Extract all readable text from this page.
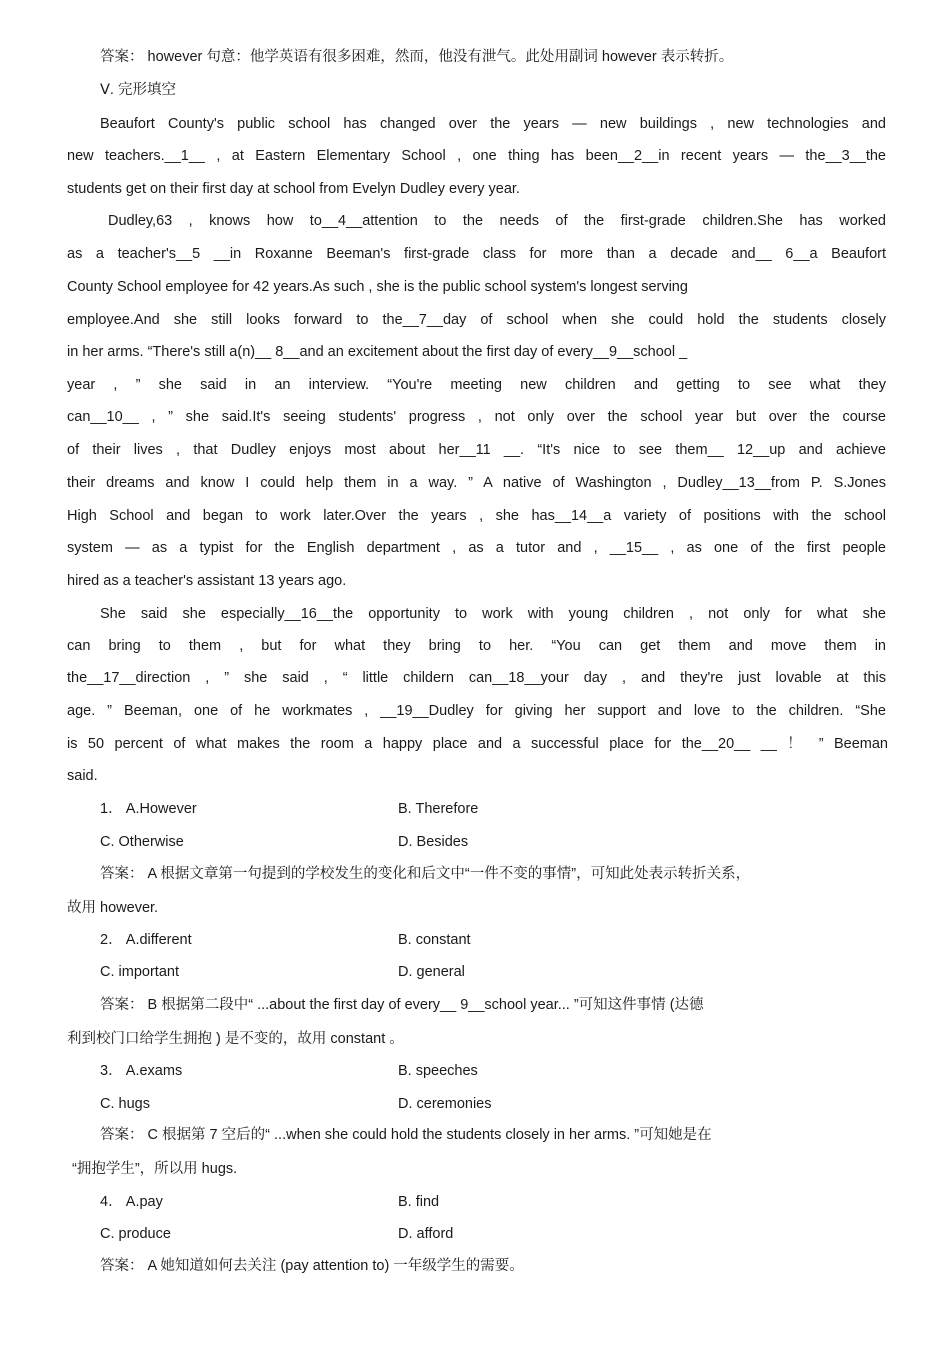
答案： however 句意：他学英语有很多困难，然而，他没有泄气。此处用副词 however 表示转折。
Ⅴ. 完形填空
Beaufort County's public school has changed over the years — new buildings , new technologies and
new teachers.__1__ , at Eastern Elementary School , one thing has been__2__in recent years — the__3__the
students get on their first day at school from Evelyn Dudley every year.
Dudley,63 , knows how to__4__attention to the needs of the first-grade children.She has worked
as a teacher's__5 __in Roxanne Beeman's first-grade class for more than a decade and__ 6__a Beaufort
County School employee for 42 years.As such , she is the public school system's longest serving
employee.And she still looks forward to the__7__day of school when she could hold the students closely
in her arms. “There's still a(n)__ 8__and an excitement about the first day of every__9__school _
year , ” she said in an interview. “You're meeting new children and getting to see what they
can__10__ , ” she said.It's seeing students' progress , not only over the school year but over the course
of their lives , that Dudley enjoys most about her__11 __. “It's nice to see them__ 12__up and achieve
their dreams and know I could help them in a way. ” A native of Washington , Dudley__13__from P. S.Jones
High School and began to work later.Over the years , she has__14__a variety of positions with the school
system — as a typist for the English department , as a tutor and , __15__ , as one of the first people
hired as a teacher's assistant 13 years ago.
She said she especially__16__the opportunity to work with young children , not only for what she
can bring to them , but for what they bring to her. “You can get them and move them in
the__17__direction , ” she said , “ little childern can__18__your day , and they're just lovable at this
age. ” Beeman, one of he workmates , __19__Dudley for giving her support and love to the children. “She
is 50 percent of what makes the room a happy place and a successful place for the__20__ __ ！ ” Beeman
said.
1． A.However	B. Therefore
C. Otherwise	D. Besides
答案： A 根据文章第一句提到的学校发生的变化和后文中“一件不变的事情”，可知此处表示转折关系，
故用 however.
2． A.different	B. constant
C. important	D. general
答案： B 根据第二段中“ ...about the first day of every__ 9__school year... ”可知这件事情 (达德
利到校门口给学生拥抱 ) 是不变的，故用 constant 。
3． A.exams	B. speeches
C. hugs	D. ceremonies
答案： C 根据第 7 空后的“ ...when she could hold the students closely in her arms. ”可知她是在
“拥抱学生”，所以用 hugs.
4． A.pay	B. find
C. produce	D. afford
答案： A 她知道如何去关注 (pay attention to) 一年级学生的需要。
